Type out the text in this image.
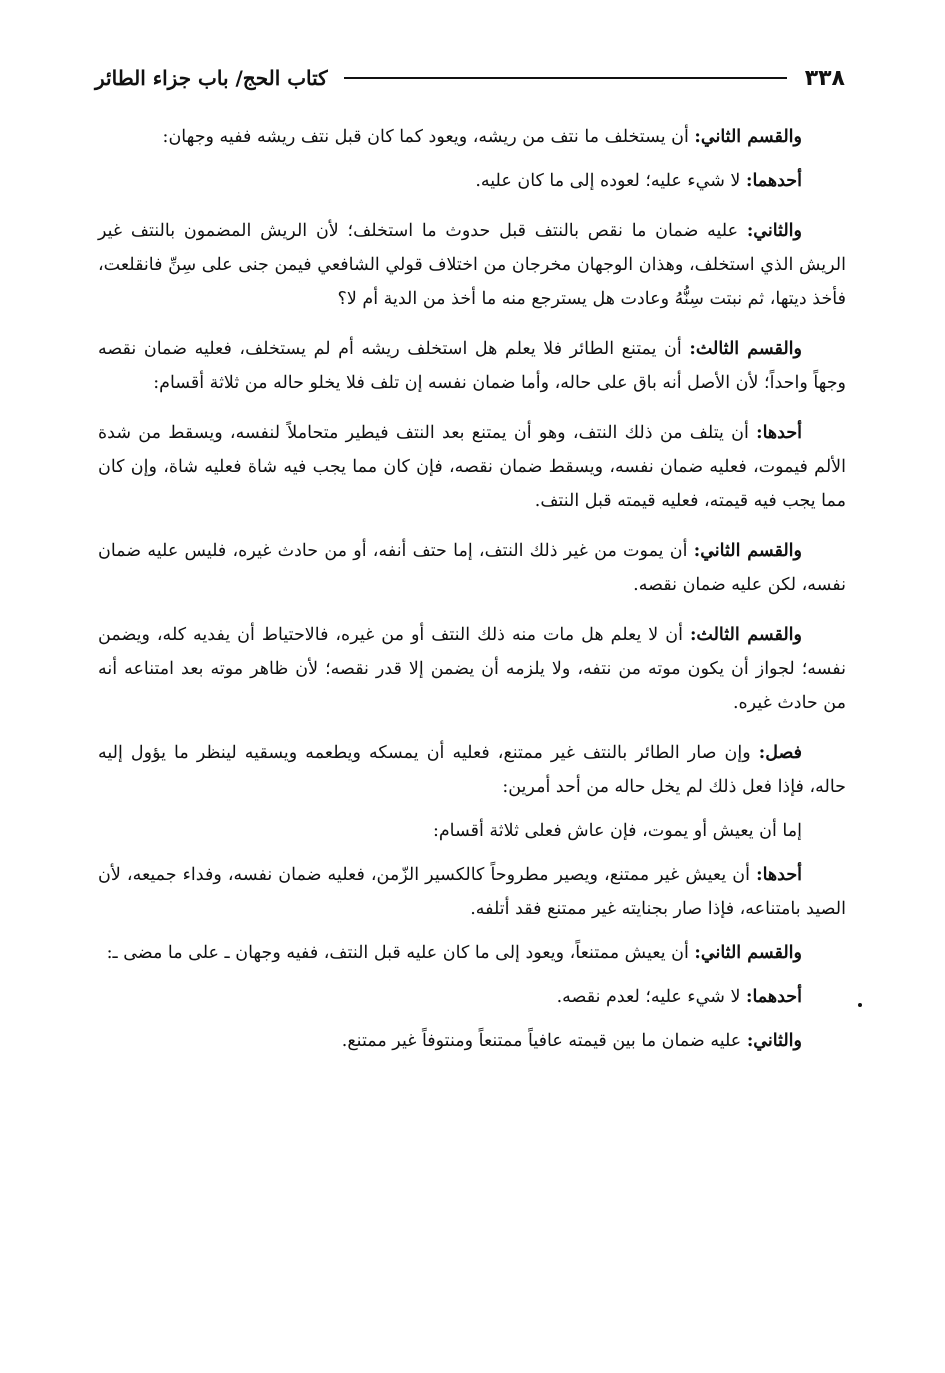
٣٣٨
كتاب الحج/ باب جزاء الطائر

والقسم الثاني: أن يستخلف ما نتف من ريشه، ويعود كما كان قبل نتف ريشه ففيه وجهان:

أحدهما: لا شيء عليه؛ لعوده إلى ما كان عليه.

والثاني: عليه ضمان ما نقص بالنتف قبل حدوث ما استخلف؛ لأن الريش المضمون بالنتف غير الريش الذي استخلف، وهذان الوجهان مخرجان من اختلاف قولي الشافعي فيمن جنى على سِنِّ فانقلعت، فأخذ ديتها، ثم نبتت سِنُّهُ وعادت هل يسترجع منه ما أخذ من الدية أم لا؟

والقسم الثالث: أن يمتنع الطائر فلا يعلم هل استخلف ريشه أم لم يستخلف، فعليه ضمان نقصه وجهاً واحداً؛ لأن الأصل أنه باق على حاله، وأما ضمان نفسه إن تلف فلا يخلو حاله من ثلاثة أقسام:

أحدها: أن يتلف من ذلك النتف، وهو أن يمتنع بعد النتف فيطير متحاملاً لنفسه، ويسقط من شدة الألم فيموت، فعليه ضمان نفسه، ويسقط ضمان نقصه، فإن كان مما يجب فيه شاة فعليه شاة، وإن كان مما يجب فيه قيمته، فعليه قيمته قبل النتف.

والقسم الثاني: أن يموت من غير ذلك النتف، إما حتف أنفه، أو من حادث غيره، فليس عليه ضمان نفسه، لكن عليه ضمان نقصه.

والقسم الثالث: أن لا يعلم هل مات منه ذلك النتف أو من غيره، فالاحتياط أن يفديه كله، ويضمن نفسه؛ لجواز أن يكون موته من نتفه، ولا يلزمه أن يضمن إلا قدر نقصه؛ لأن ظاهر موته بعد امتناعه أنه من حادث غيره.

فصل: وإن صار الطائر بالنتف غير ممتنع، فعليه أن يمسكه ويطعمه ويسقيه لينظر ما يؤول إليه حاله، فإذا فعل ذلك لم يخل حاله من أحد أمرين:

إما أن يعيش أو يموت، فإن عاش فعلى ثلاثة أقسام:

أحدها: أن يعيش غير ممتنع، ويصير مطروحاً كالكسير الزّمن، فعليه ضمان نفسه، وفداء جميعه، لأن الصيد بامتناعه، فإذا صار بجنايته غير ممتنع فقد أتلفه.

والقسم الثاني: أن يعيش ممتنعاً، ويعود إلى ما كان عليه قبل النتف، ففيه وجهان ـ على ما مضى ـ:

أحدهما: لا شيء عليه؛ لعدم نقصه.

والثاني: عليه ضمان ما بين قيمته عافياً ممتنعاً ومنتوفاً غير ممتنع.
